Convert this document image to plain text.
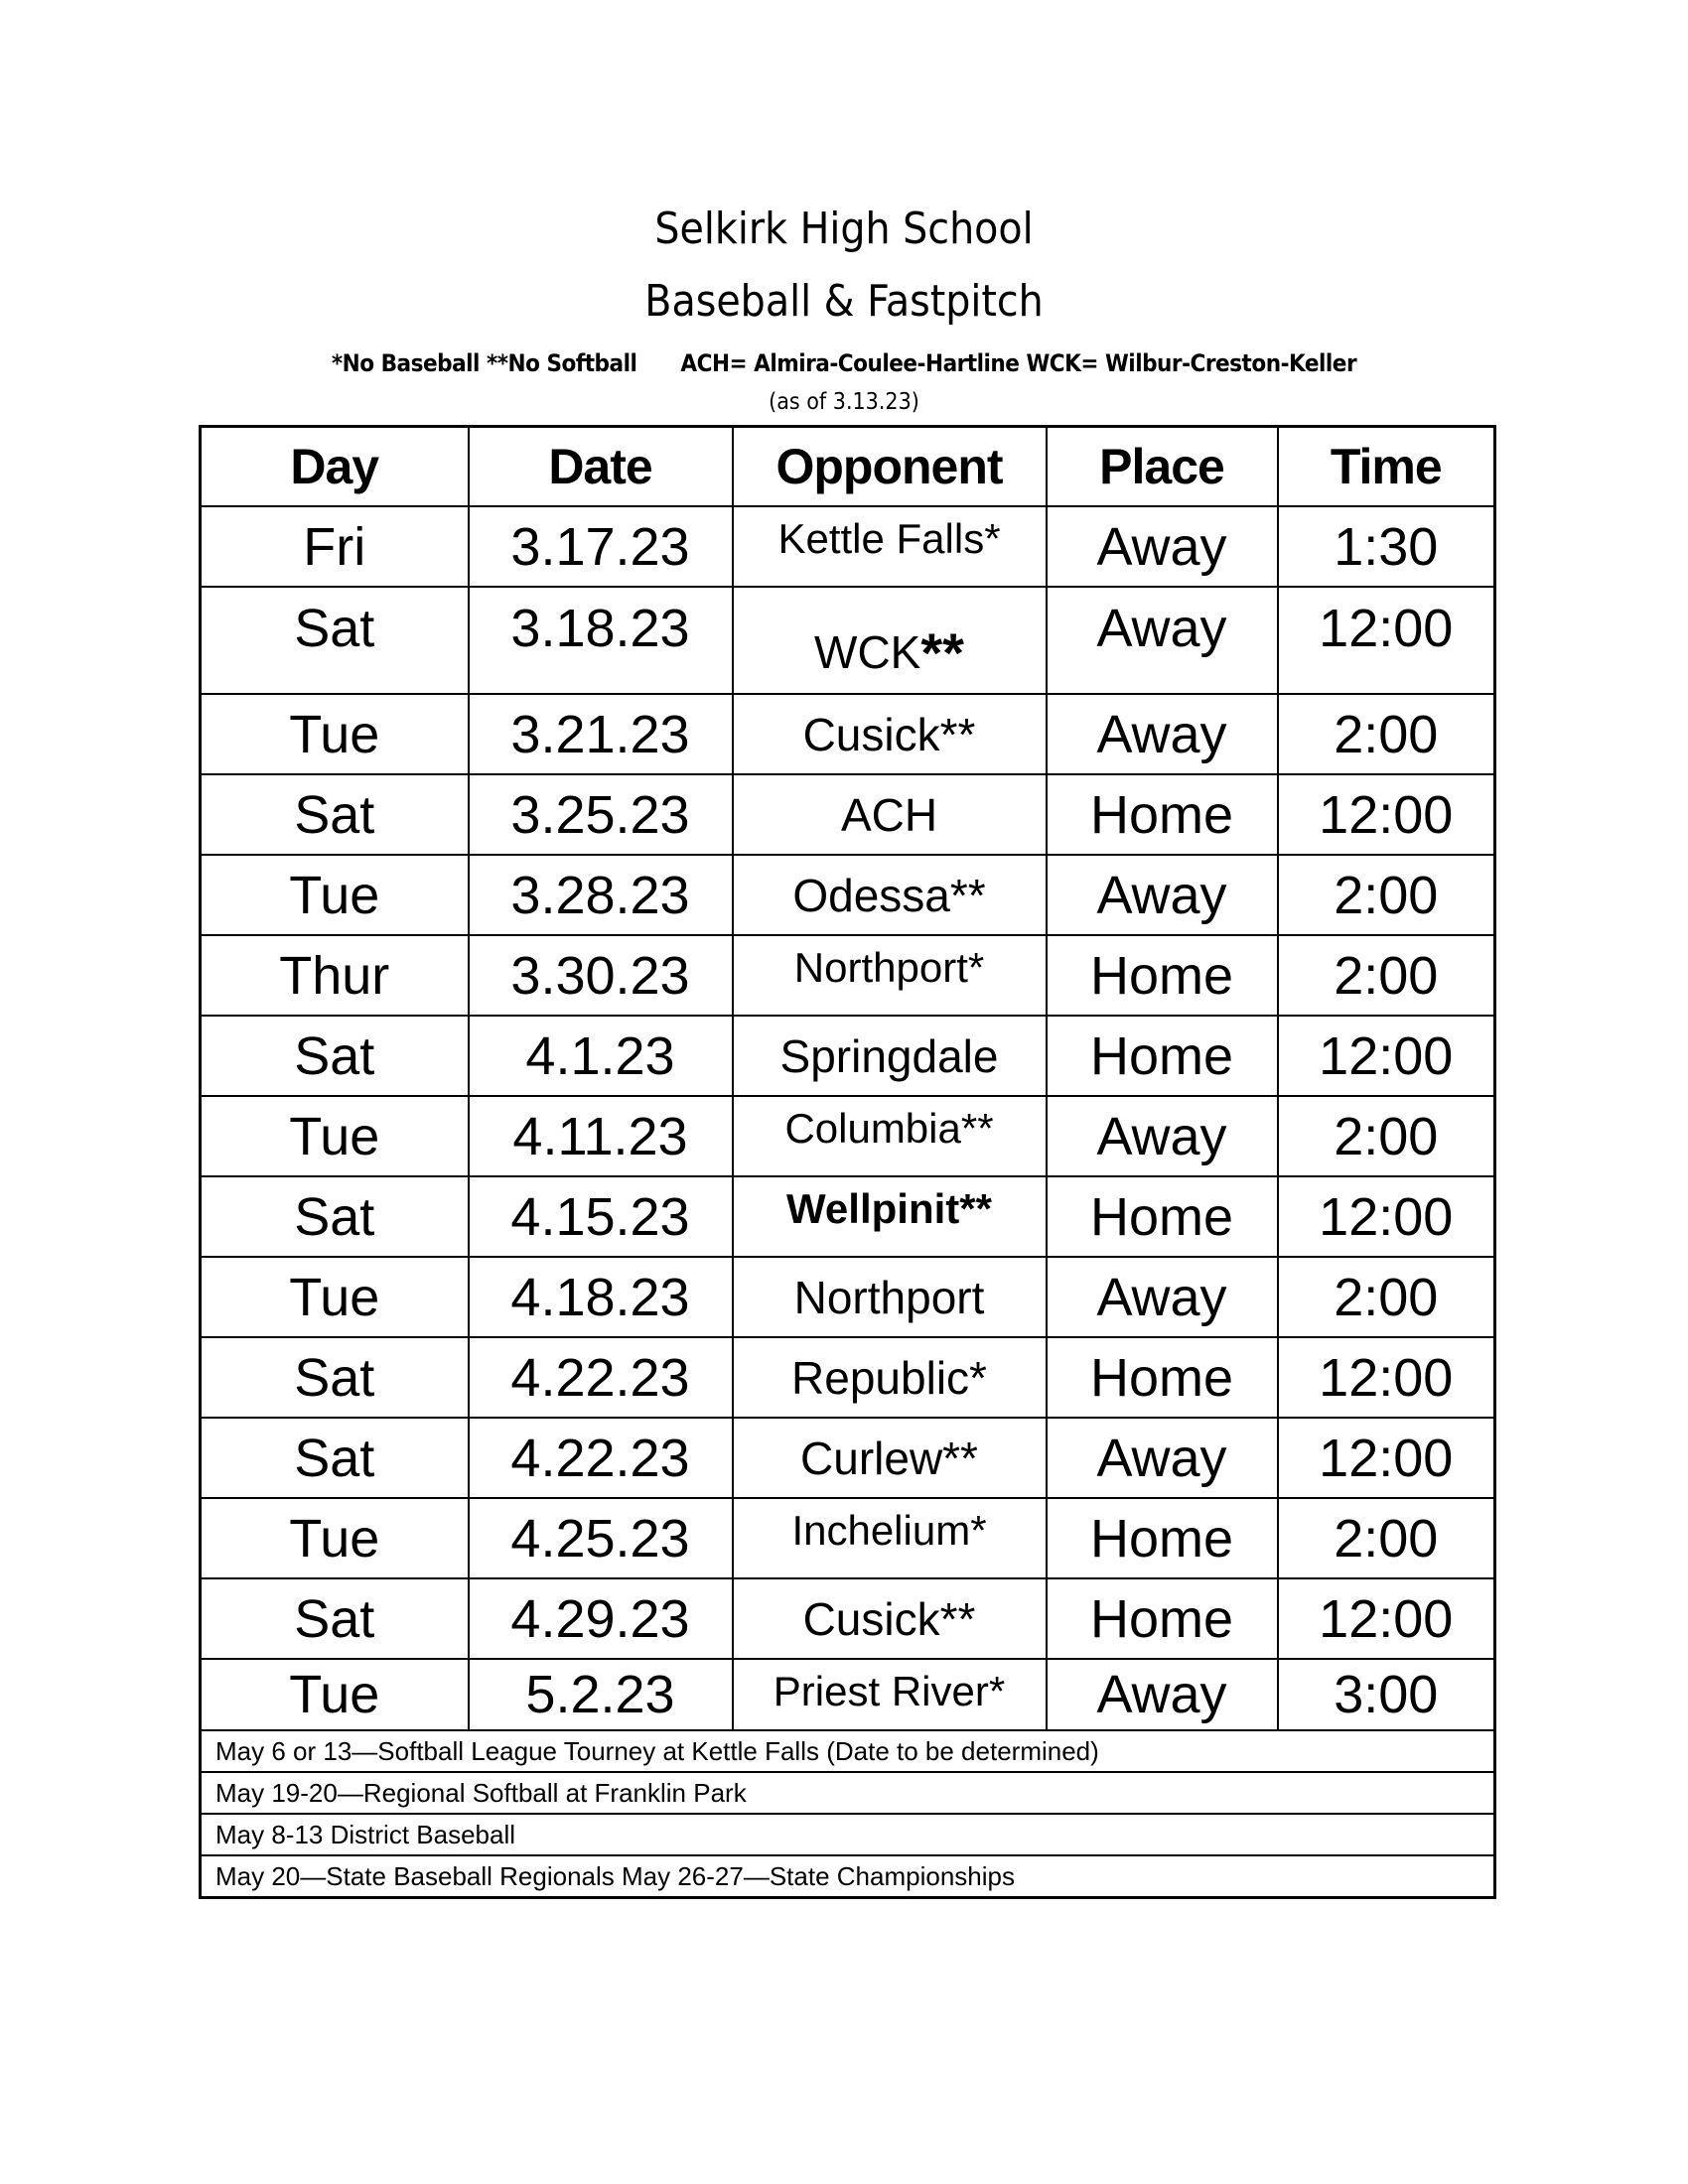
Selkirk High School
Baseball & Fastpitch
*No Baseball **No Softball ACH= Almira-Coulee-Hartline WCK= Wilbur-Creston-Keller
(as of 3.13.23)
Day	Date	Opponent	Place	Time
Fri	3.17.23	Kettle Falls*	Away	1:30
Sat	3.18.23	WCK**	Away	12:00
Tue	3.21.23	Cusick**	Away	2:00
Sat	3.25.23	ACH	Home	12:00
Tue	3.28.23	Odessa**	Away	2:00
Thur	3.30.23	Northport*	Home	2:00
Sat	4.1.23	Springdale	Home	12:00
Tue	4.11.23	Columbia**	Away	2:00
Sat	4.15.23	Wellpinit**	Home	12:00
Tue	4.18.23	Northport	Away	2:00
Sat	4.22.23	Republic*	Home	12:00
Sat	4.22.23	Curlew**	Away	12:00
Tue	4.25.23	Inchelium*	Home	2:00
Sat	4.29.23	Cusick**	Home	12:00
Tue	5.2.23	Priest River*	Away	3:00
May 6 or 13—Softball League Tourney at Kettle Falls (Date to be determined)				
May 19-20—Regional Softball at Franklin Park				
May 8-13 District Baseball				
May 20—State Baseball Regionals May 26-27—State Championships				
